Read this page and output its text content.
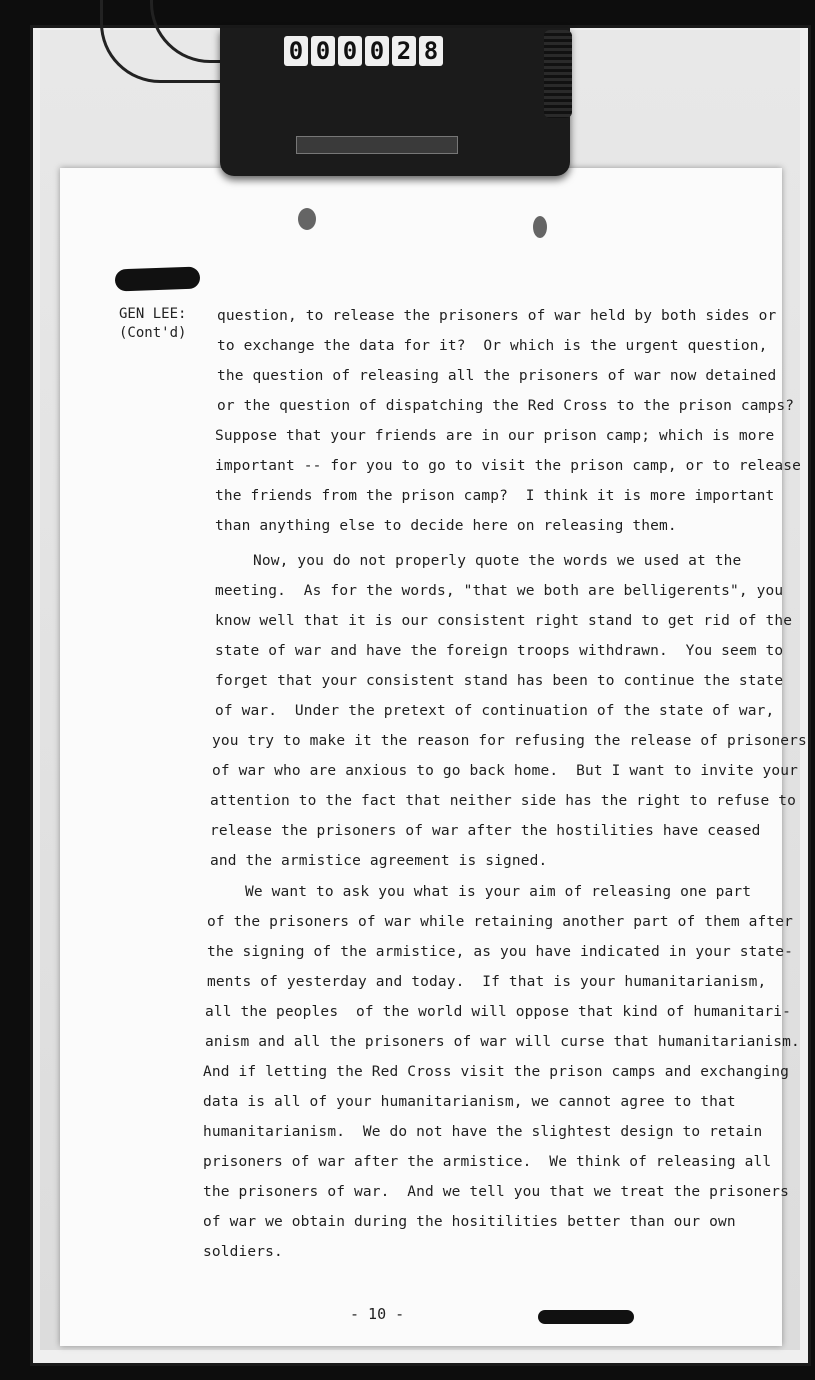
0 0 0 0 2 8
GEN LEE:
(Cont'd)
question, to release the prisoners of war held by both sides or
to exchange the data for it?  Or which is the urgent question,
the question of releasing all the prisoners of war now detained
or the question of dispatching the Red Cross to the prison camps?
Suppose that your friends are in our prison camp; which is more
important -- for you to go to visit the prison camp, or to release
the friends from the prison camp?  I think it is more important
than anything else to decide here on releasing them.
Now, you do not properly quote the words we used at the
meeting.  As for the words, "that we both are belligerents", you
know well that it is our consistent right stand to get rid of the
state of war and have the foreign troops withdrawn.  You seem to
forget that your consistent stand has been to continue the state
of war.  Under the pretext of continuation of the state of war,
you try to make it the reason for refusing the release of prisoners
of war who are anxious to go back home.  But I want to invite your
attention to the fact that neither side has the right to refuse to
release the prisoners of war after the hostilities have ceased
and the armistice agreement is signed.
We want to ask you what is your aim of releasing one part
of the prisoners of war while retaining another part of them after
the signing of the armistice, as you have indicated in your state-
ments of yesterday and today.  If that is your humanitarianism,
all the peoples  of the world will oppose that kind of humanitari-
anism and all the prisoners of war will curse that humanitarianism.
And if letting the Red Cross visit the prison camps and exchanging
data is all of your humanitarianism, we cannot agree to that
humanitarianism.  We do not have the slightest design to retain
prisoners of war after the armistice.  We think of releasing all
the prisoners of war.  And we tell you that we treat the prisoners
of war we obtain during the hositilities better than our own
soldiers.
- 10 -
